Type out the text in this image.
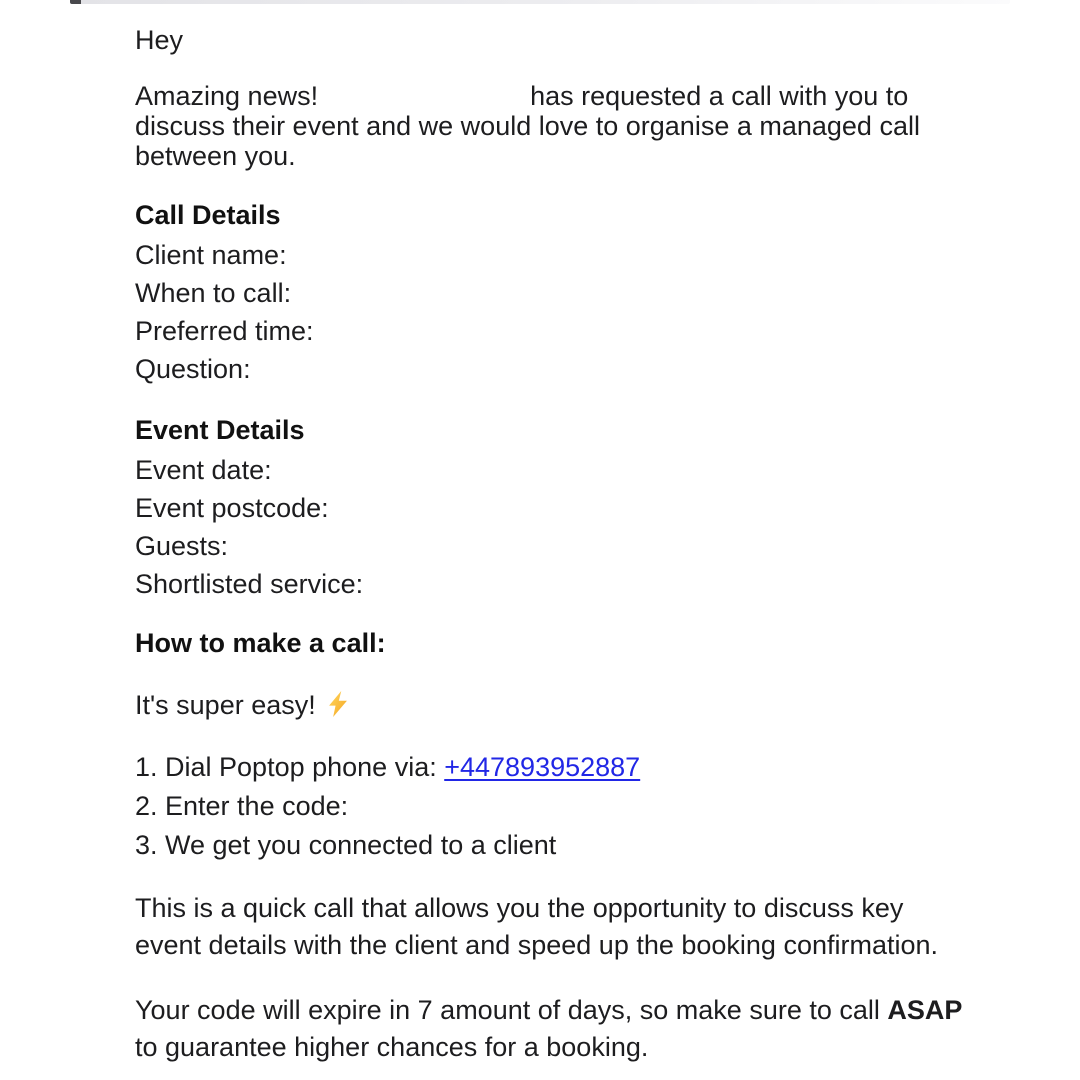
Hey
Amazing news!	has requested a call with you to
discuss their event and we would love to organise a managed call
between you.
Call Details
Client name:
When to call:
Preferred time:
Question:
Event Details
Event date:
Event postcode:
Guests:
Shortlisted service:
How to make a call:
It's super easy!
1. Dial Poptop phone via: +447893952887
2. Enter the code:
3. We get you connected to a client
This is a quick call that allows you the opportunity to discuss key
event details with the client and speed up the booking confirmation.
Your code will expire in 7 amount of days, so make sure to call ASAP
to guarantee higher chances for a booking.
